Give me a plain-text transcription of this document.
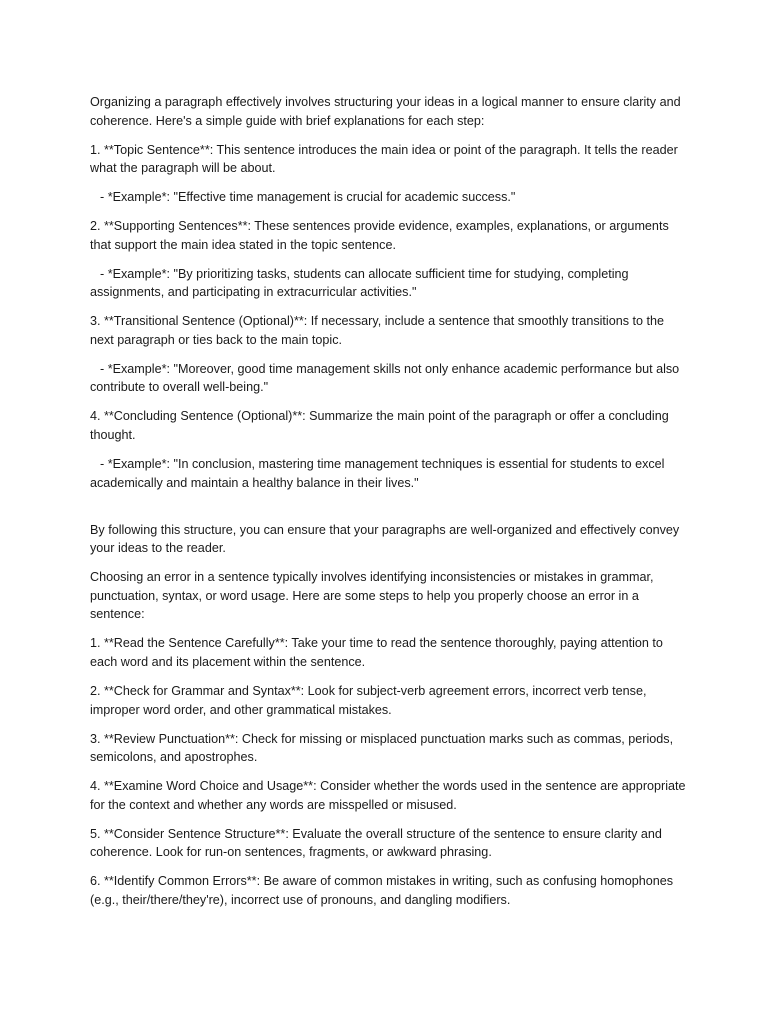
Organizing a paragraph effectively involves structuring your ideas in a logical manner to ensure clarity and coherence. Here's a simple guide with brief explanations for each step:

1. **Topic Sentence**: This sentence introduces the main idea or point of the paragraph. It tells the reader what the paragraph will be about.

- *Example*: "Effective time management is crucial for academic success."

2. **Supporting Sentences**: These sentences provide evidence, examples, explanations, or arguments that support the main idea stated in the topic sentence.

- *Example*: "By prioritizing tasks, students can allocate sufficient time for studying, completing assignments, and participating in extracurricular activities."

3. **Transitional Sentence (Optional)**: If necessary, include a sentence that smoothly transitions to the next paragraph or ties back to the main topic.

- *Example*: "Moreover, good time management skills not only enhance academic performance but also contribute to overall well-being."

4. **Concluding Sentence (Optional)**: Summarize the main point of the paragraph or offer a concluding thought.

- *Example*: "In conclusion, mastering time management techniques is essential for students to excel academically and maintain a healthy balance in their lives."

By following this structure, you can ensure that your paragraphs are well-organized and effectively convey your ideas to the reader.

Choosing an error in a sentence typically involves identifying inconsistencies or mistakes in grammar, punctuation, syntax, or word usage. Here are some steps to help you properly choose an error in a sentence:

1. **Read the Sentence Carefully**: Take your time to read the sentence thoroughly, paying attention to each word and its placement within the sentence.

2. **Check for Grammar and Syntax**: Look for subject-verb agreement errors, incorrect verb tense, improper word order, and other grammatical mistakes.

3. **Review Punctuation**: Check for missing or misplaced punctuation marks such as commas, periods, semicolons, and apostrophes.

4. **Examine Word Choice and Usage**: Consider whether the words used in the sentence are appropriate for the context and whether any words are misspelled or misused.

5. **Consider Sentence Structure**: Evaluate the overall structure of the sentence to ensure clarity and coherence. Look for run-on sentences, fragments, or awkward phrasing.

6. **Identify Common Errors**: Be aware of common mistakes in writing, such as confusing homophones (e.g., their/there/they're), incorrect use of pronouns, and dangling modifiers.
